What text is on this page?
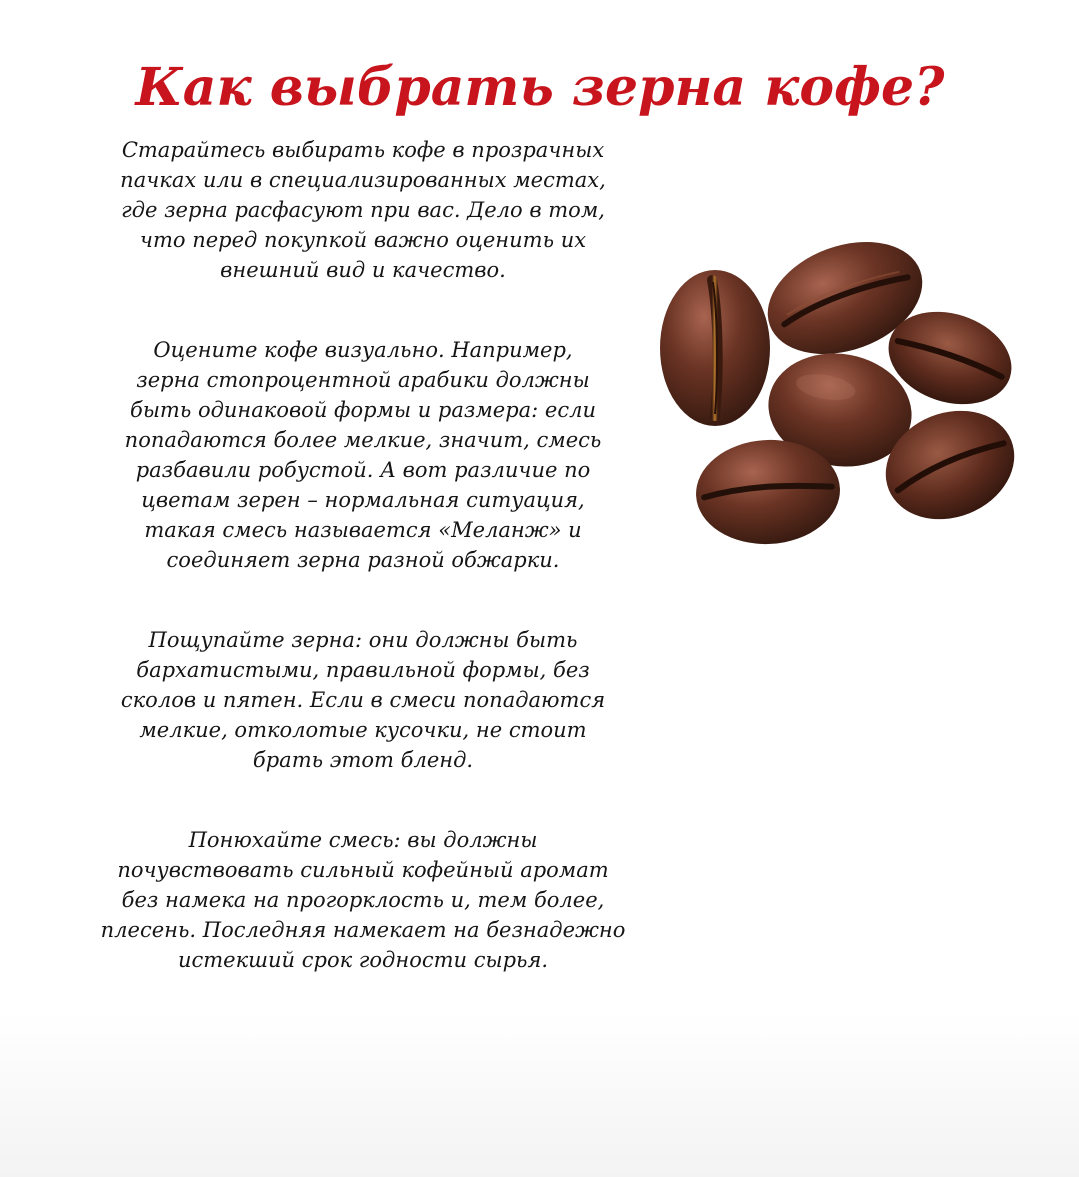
Как выбрать зерна кофе?

Старайтесь выбирать кофе в прозрачных
пачках или в специализированных местах,
где зерна расфасуют при вас. Дело в том,
что перед покупкой важно оценить их
внешний вид и качество.

Оцените кофе визуально. Например,
зерна стопроцентной арабики должны
быть одинаковой формы и размера: если
попадаются более мелкие, значит, смесь
разбавили робустой. А вот различие по
цветам зерен – нормальная ситуация,
такая смесь называется «Меланж» и
соединяет зерна разной обжарки.

Пощупайте зерна: они должны быть
бархатистыми, правильной формы, без
сколов и пятен. Если в смеси попадаются
мелкие, отколотые кусочки, не стоит
брать этот бленд.

Понюхайте смесь: вы должны
почувствовать сильный кофейный аромат
без намека на прогорклость и, тем более,
плесень. Последняя намекает на безнадежно
истекший срок годности сырья.
